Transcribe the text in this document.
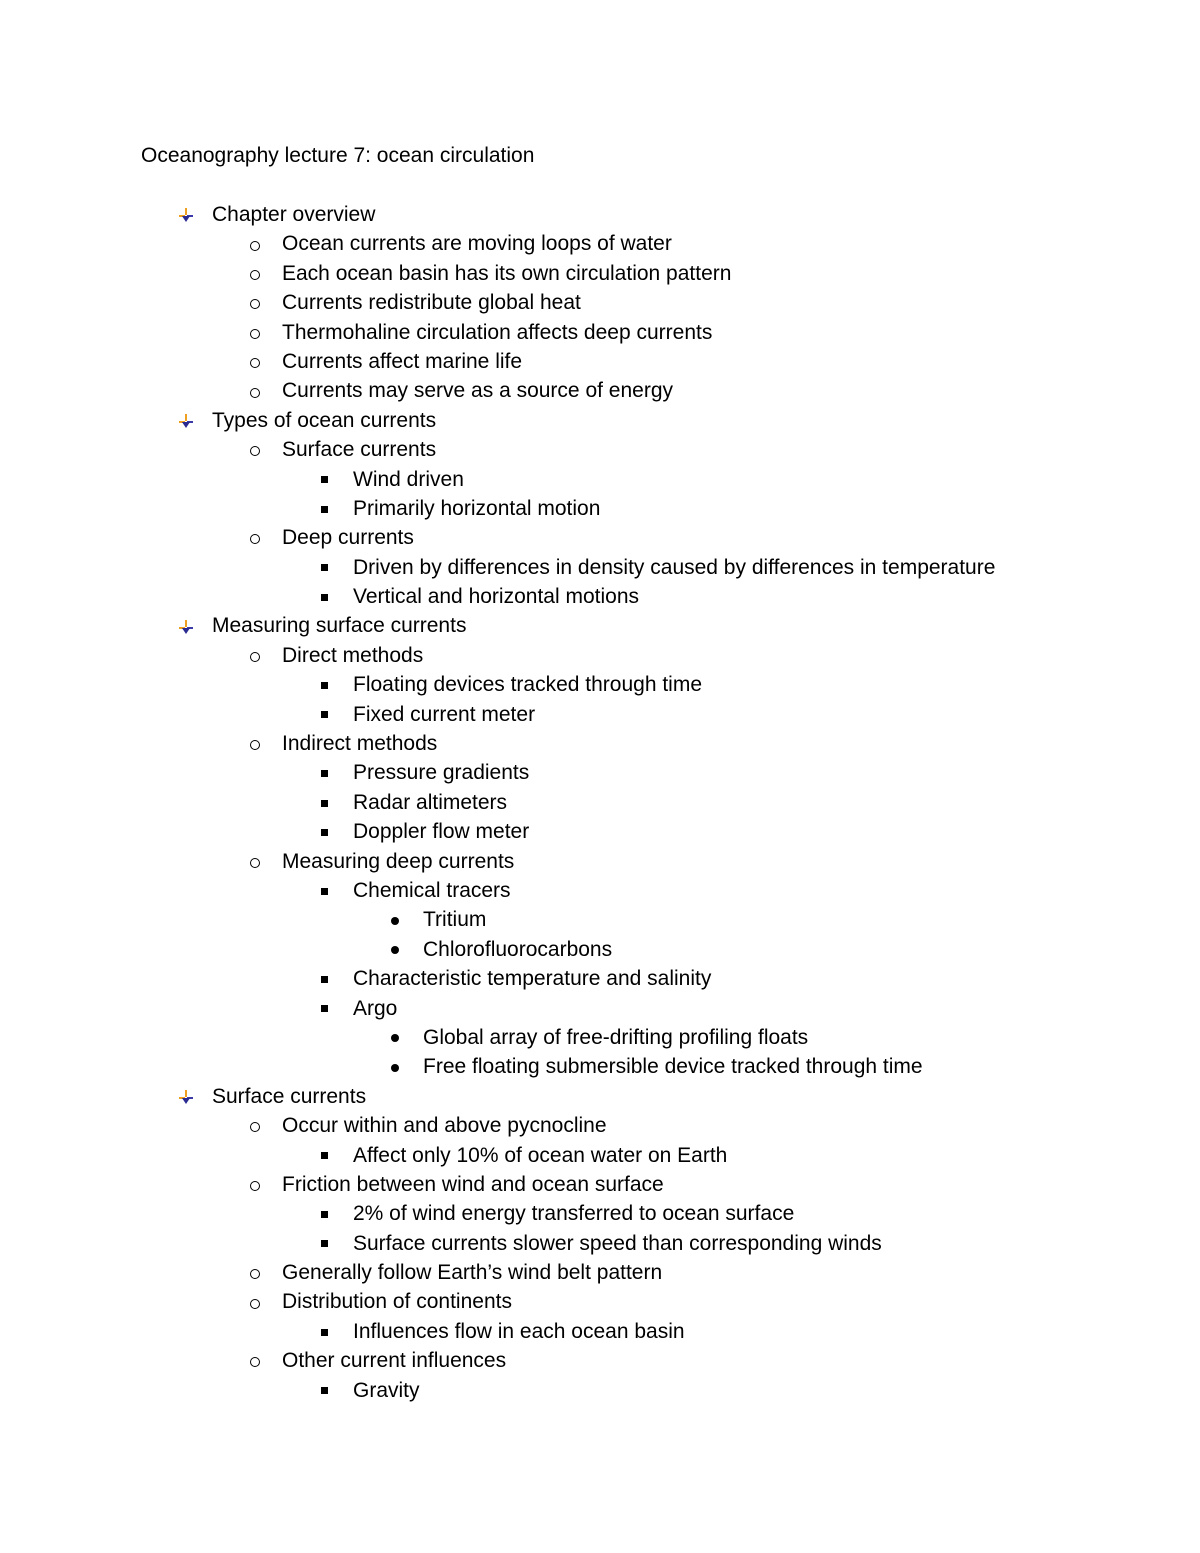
Oceanography lecture 7: ocean circulation
Chapter overview
Ocean currents are moving loops of water
Each ocean basin has its own circulation pattern
Currents redistribute global heat
Thermohaline circulation affects deep currents
Currents affect marine life
Currents may serve as a source of energy
Types of ocean currents
Surface currents
Wind driven
Primarily horizontal motion
Deep currents
Driven by differences in density caused by differences in temperature
Vertical and horizontal motions
Measuring surface currents
Direct methods
Floating devices tracked through time
Fixed current meter
Indirect methods
Pressure gradients
Radar altimeters
Doppler flow meter
Measuring deep currents
Chemical tracers
Tritium
Chlorofluorocarbons
Characteristic temperature and salinity
Argo
Global array of free-drifting profiling floats
Free floating submersible device tracked through time
Surface currents
Occur within and above pycnocline
Affect only 10% of ocean water on Earth
Friction between wind and ocean surface
2% of wind energy transferred to ocean surface
Surface currents slower speed than corresponding winds
Generally follow Earth’s wind belt pattern
Distribution of continents
Influences flow in each ocean basin
Other current influences
Gravity
